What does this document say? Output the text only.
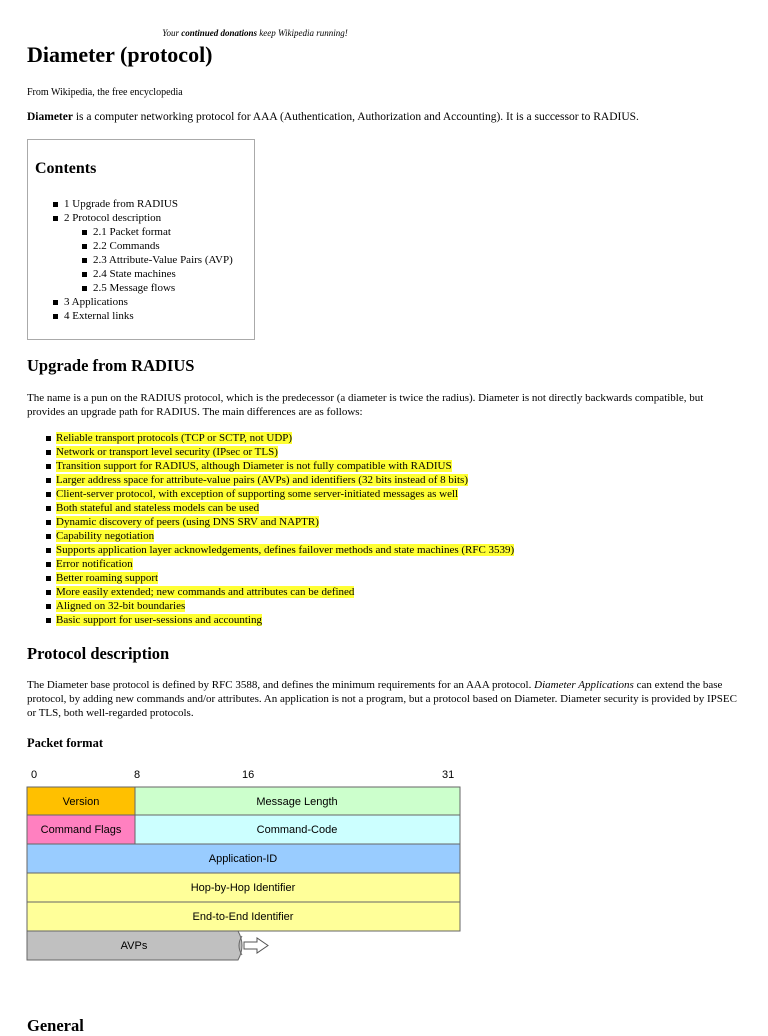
Your continued donations keep Wikipedia running!
Diameter (protocol)
From Wikipedia, the free encyclopedia
Diameter is a computer networking protocol for AAA (Authentication, Authorization and Accounting). It is a successor to RADIUS.
Contents
1 Upgrade from RADIUS
2 Protocol description
2.1 Packet format
2.2 Commands
2.3 Attribute-Value Pairs (AVP)
2.4 State machines
2.5 Message flows
3 Applications
4 External links
Upgrade from RADIUS
The name is a pun on the RADIUS protocol, which is the predecessor (a diameter is twice the radius). Diameter is not directly backwards compatible, but provides an upgrade path for RADIUS. The main differences are as follows:
Reliable transport protocols (TCP or SCTP, not UDP)
Network or transport level security (IPsec or TLS)
Transition support for RADIUS, although Diameter is not fully compatible with RADIUS
Larger address space for attribute-value pairs (AVPs) and identifiers (32 bits instead of 8 bits)
Client-server protocol, with exception of supporting some server-initiated messages as well
Both stateful and stateless models can be used
Dynamic discovery of peers (using DNS SRV and NAPTR)
Capability negotiation
Supports application layer acknowledgements, defines failover methods and state machines (RFC 3539)
Error notification
Better roaming support
More easily extended; new commands and attributes can be defined
Aligned on 32-bit boundaries
Basic support for user-sessions and accounting
Protocol description
The Diameter base protocol is defined by RFC 3588, and defines the minimum requirements for an AAA protocol. Diameter Applications can extend the base protocol, by adding new commands and/or attributes. An application is not a program, but a protocol based on Diameter. Diameter security is provided by IPSEC or TLS, both well-regarded protocols.
Packet format
0	8	16	31
Version	Message Length
Command Flags	Command-Code
Application-ID
Hop-by-Hop Identifier
End-to-End Identifier
AVPs
General
